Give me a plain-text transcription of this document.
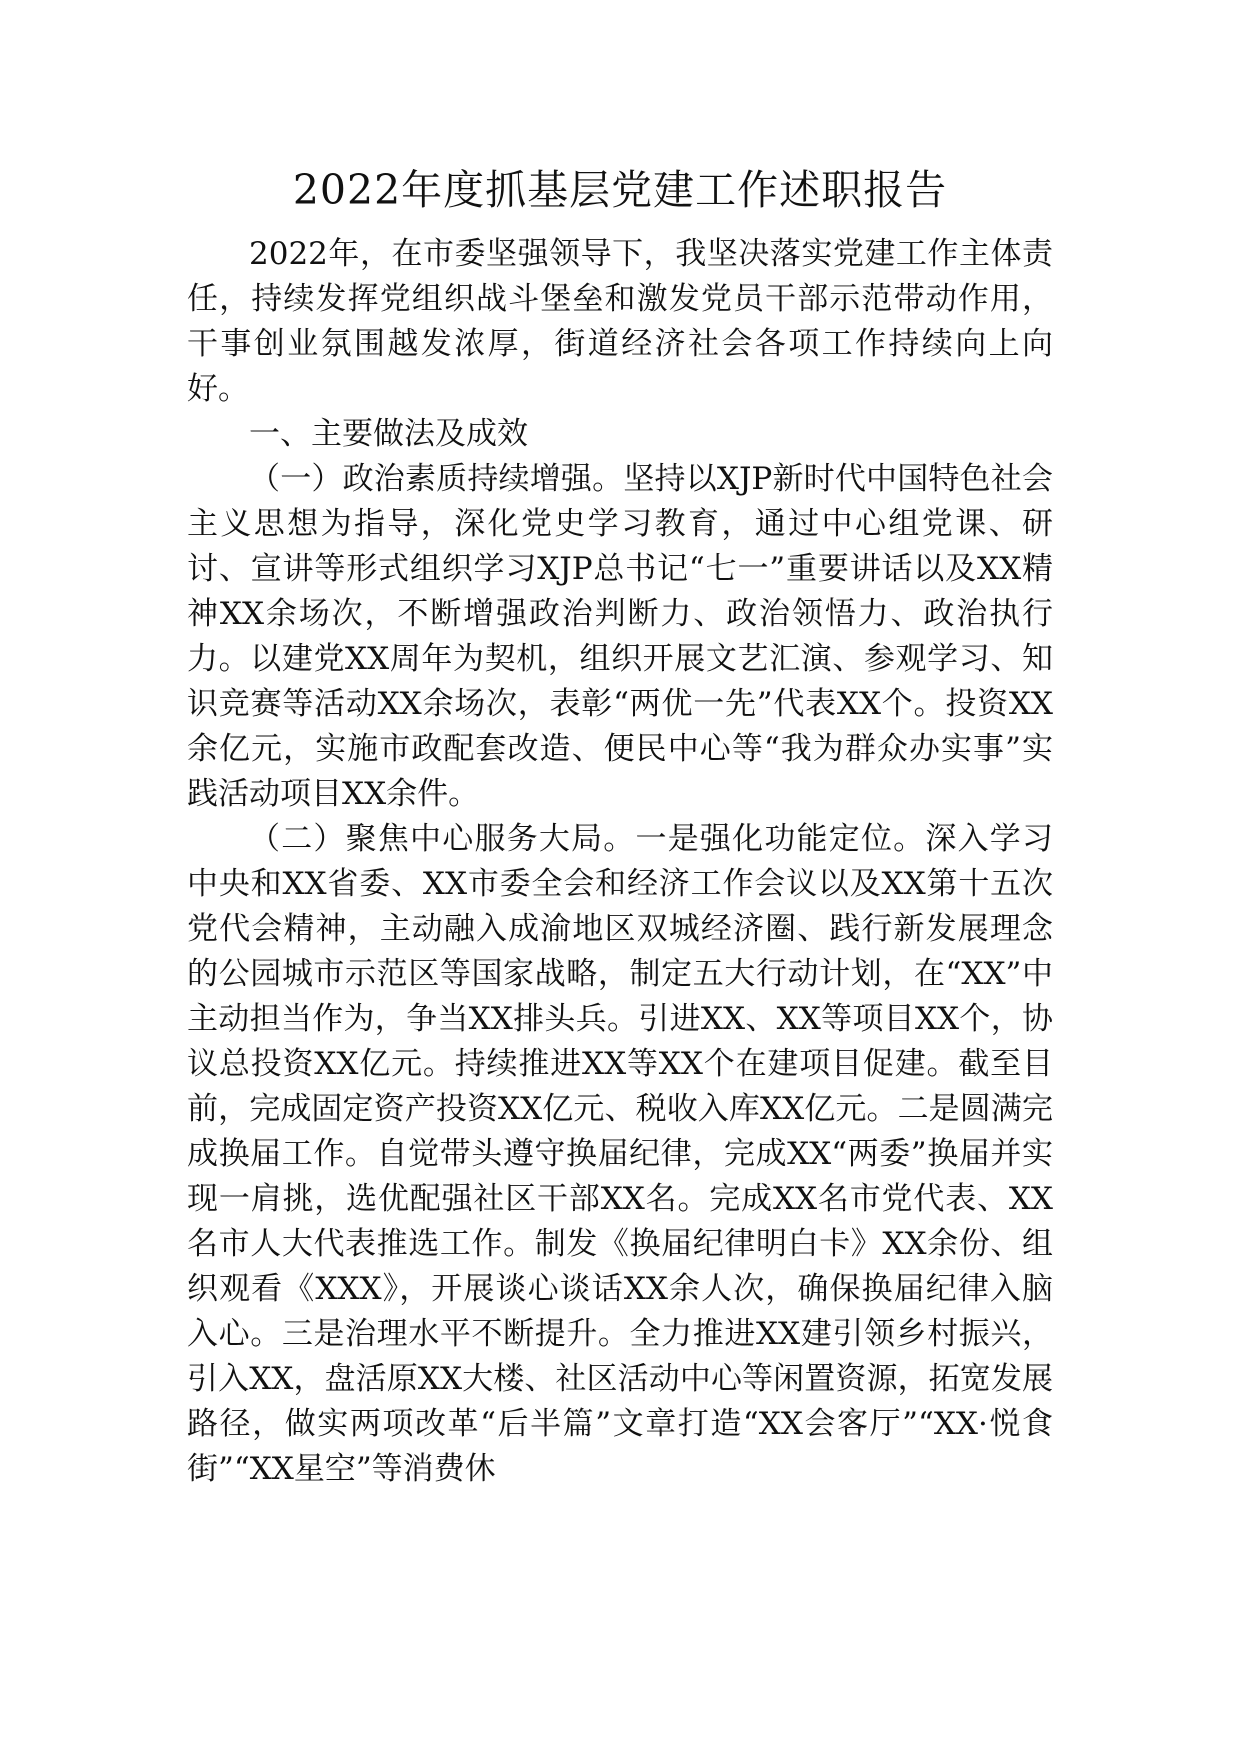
2022年度抓基层党建工作述职报告

2022年，在市委坚强领导下，我坚决落实党建工作主体责任，持续发挥党组织战斗堡垒和激发党员干部示范带动作用，干事创业氛围越发浓厚，街道经济社会各项工作持续向上向好。

一、主要做法及成效

（一）政治素质持续增强。坚持以XJP新时代中国特色社会主义思想为指导，深化党史学习教育，通过中心组党课、研讨、宣讲等形式组织学习XJP总书记“七一”重要讲话以及XX精神XX余场次，不断增强政治判断力、政治领悟力、政治执行力。以建党XX周年为契机，组织开展文艺汇演、参观学习、知识竞赛等活动XX余场次，表彰“两优一先”代表XX个。投资XX余亿元，实施市政配套改造、便民中心等“我为群众办实事”实践活动项目XX余件。

（二）聚焦中心服务大局。一是强化功能定位。深入学习中央和XX省委、XX市委全会和经济工作会议以及XX第十五次党代会精神，主动融入成渝地区双城经济圈、践行新发展理念的公园城市示范区等国家战略，制定五大行动计划，在“XX”中主动担当作为，争当XX排头兵。引进XX、XX等项目XX个，协议总投资XX亿元。持续推进XX等XX个在建项目促建。截至目前，完成固定资产投资XX亿元、税收入库XX亿元。二是圆满完成换届工作。自觉带头遵守换届纪律，完成XX“两委”换届并实现一肩挑，选优配强社区干部XX名。完成XX名市党代表、XX名市人大代表推选工作。制发《换届纪律明白卡》XX余份、组织观看《XXX》，开展谈心谈话XX余人次，确保换届纪律入脑入心。三是治理水平不断提升。全力推进XX建引领乡村振兴，引入XX，盘活原XX大楼、社区活动中心等闲置资源，拓宽发展路径，做实两项改革“后半篇”文章打造“XX会客厅”“XX·悦食街”“XX星空”等消费休
